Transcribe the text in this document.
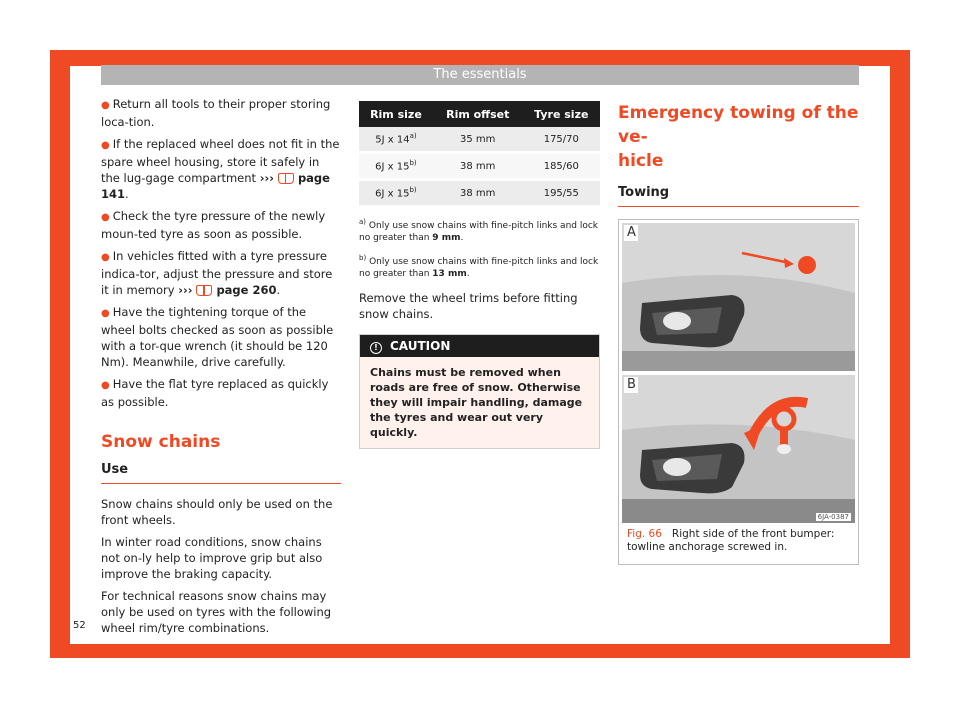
The essentials

● Return all tools to their proper storing loca-tion.

● If the replaced wheel does not fit in the spare wheel housing, store it safely in the lug-gage compartment ››› page 141.

● Check the tyre pressure of the newly moun-ted tyre as soon as possible.

● In vehicles fitted with a tyre pressure indica-tor, adjust the pressure and store it in memory ››› page 260.

● Have the tightening torque of the wheel bolts checked as soon as possible with a tor-que wrench (it should be 120 Nm). Meanwhile, drive carefully.

● Have the flat tyre replaced as quickly as possible.

Snow chains
Use

Snow chains should only be used on the front wheels.

In winter road conditions, snow chains not on-ly help to improve grip but also improve the braking capacity.

For technical reasons snow chains may only be used on tyres with the following wheel rim/tyre combinations.

Rim size	Rim offset	Tyre size
5J x 14$^{a)}$	35 mm	175/70
6J x 15$^{b)}$	38 mm	185/60
6J x 15$^{b)}$	38 mm	195/55

$^{a)}$ Only use snow chains with fine-pitch links and lock no greater than 9 mm.

$^{b)}$ Only use snow chains with fine-pitch links and lock no greater than 13 mm.

Remove the wheel trims before fitting snow chains.

! CAUTION
Chains must be removed when roads are free of snow. Otherwise they will impair handling, damage the tyres and wear out very quickly.
Emergency towing of the ve-
hicle
Towing
A
B
6JA-0387
Fig. 66 Right side of the front bumper: towline anchorage screwed in.
52
